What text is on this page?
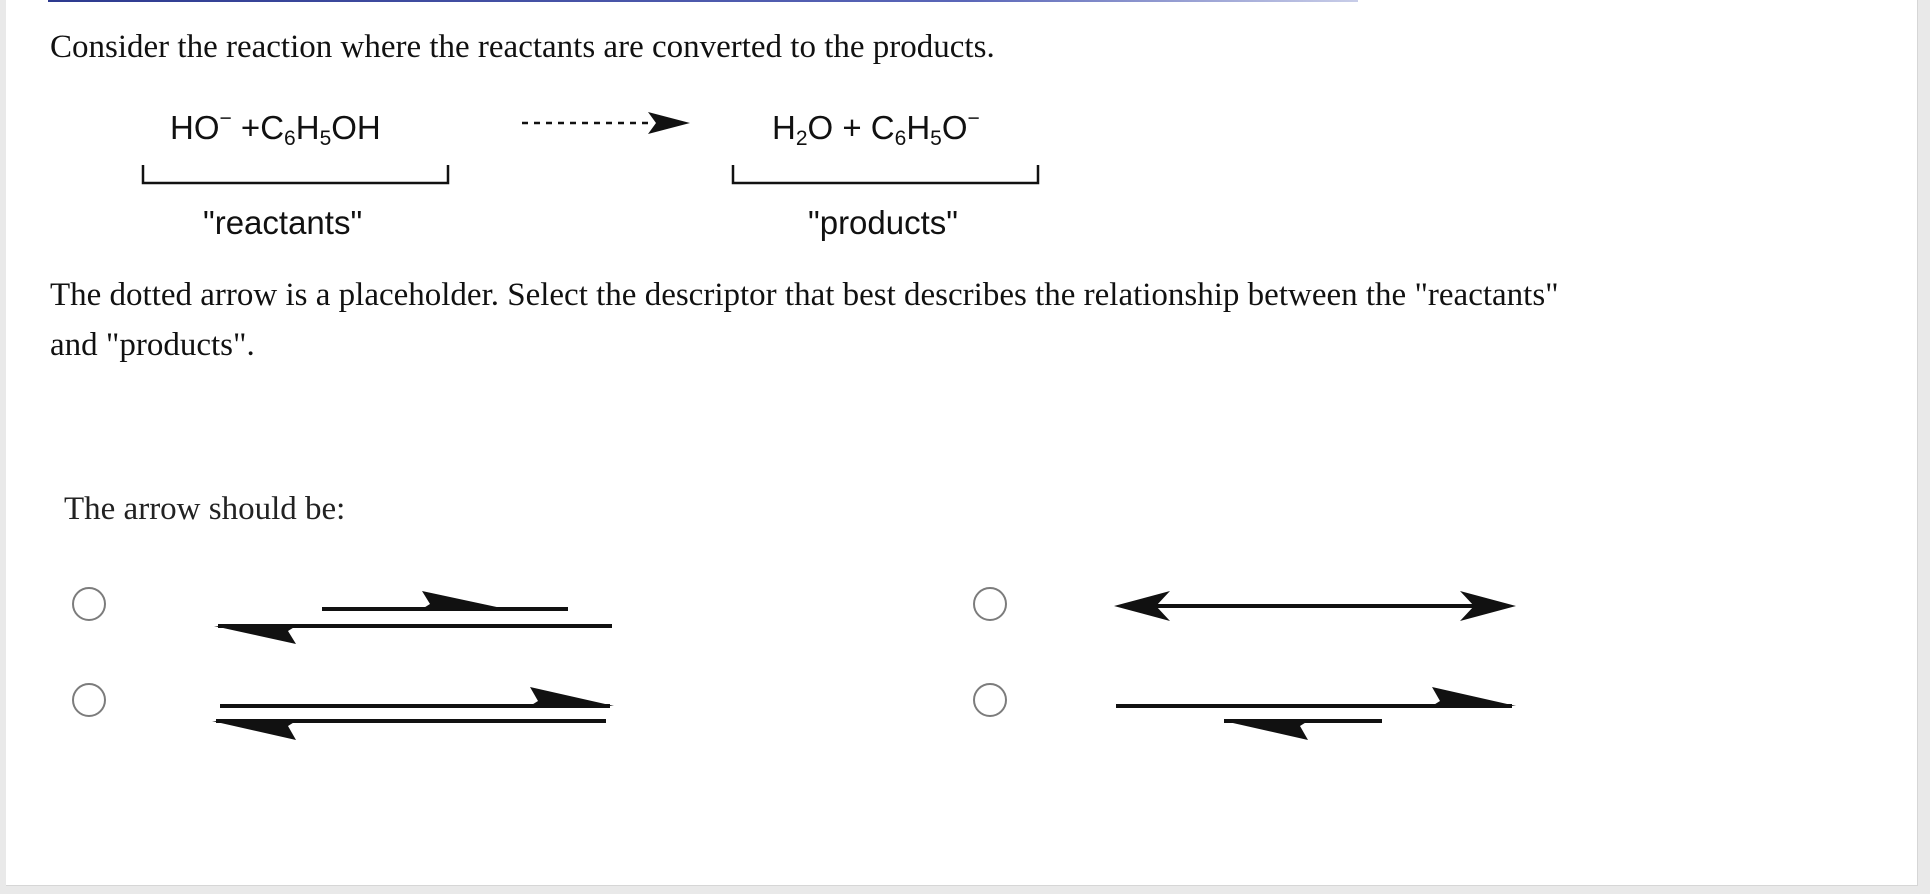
Consider the reaction where the reactants are converted to the products.
$HO^- +C_6H_5OH$	$H_2O + C_6H_5O^-$
"reactants"	"products"
The dotted arrow is a placeholder. Select the descriptor that best describes the relationship between the "reactants"
and "products".
The arrow should be:
